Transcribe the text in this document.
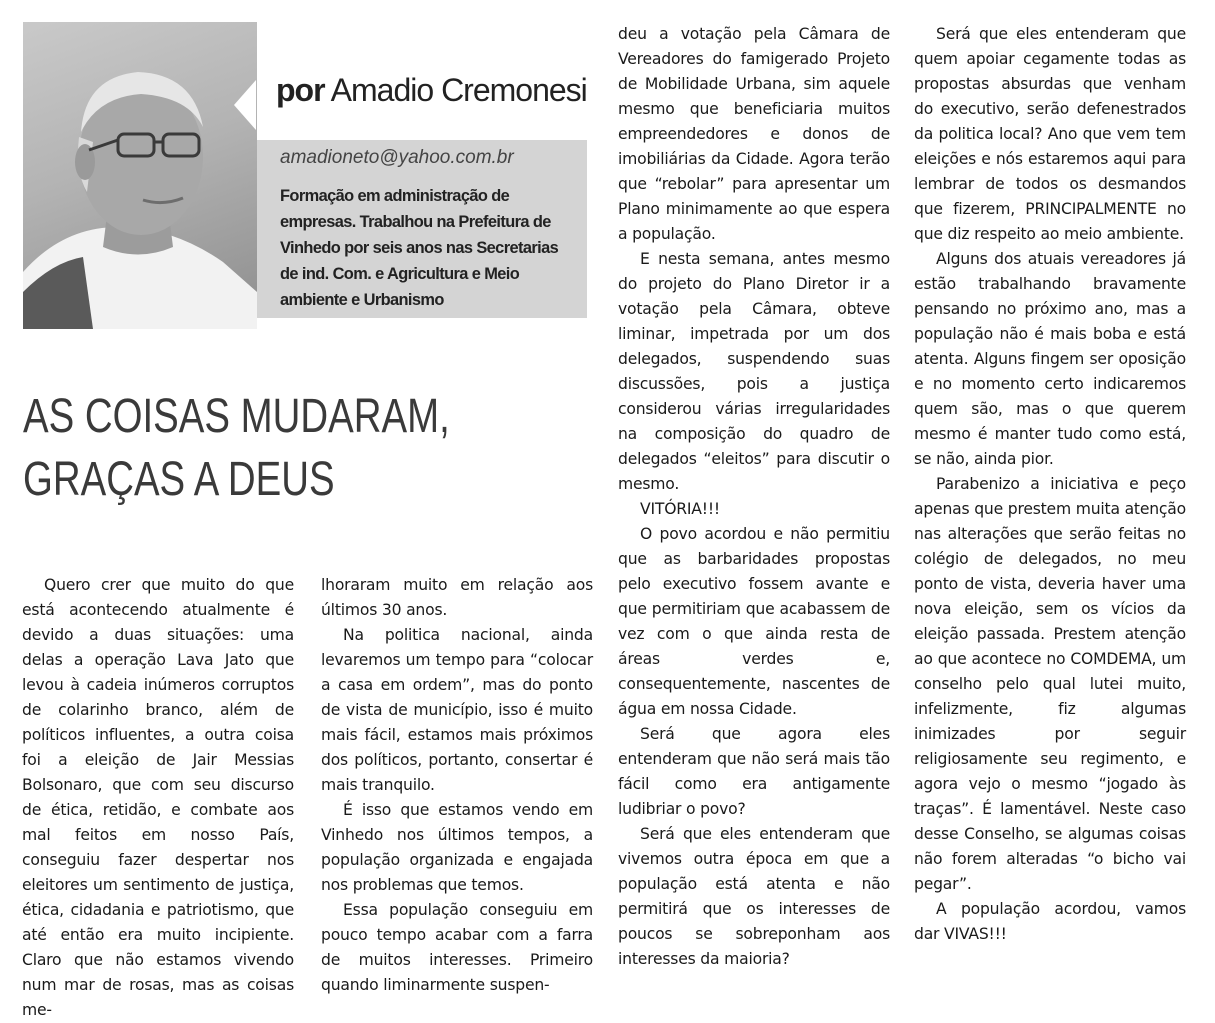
por Amadio Cremonesi
amadioneto@yahoo.com.br
Formação em administração de empresas. Trabalhou na Prefeitura de Vinhedo por seis anos nas Secretarias de ind. Com. e Agricultura e Meio ambiente e Urbanismo
AS COISAS MUDARAM,
GRAÇAS A DEUS

Quero crer que muito do que está acontecendo atualmente é devido a duas situações: uma delas a operação Lava Jato que levou à cadeia inúmeros corruptos de colarinho branco, além de políticos influentes, a outra coisa foi a eleição de Jair Messias Bolsonaro, que com seu discurso de ética, retidão, e combate aos mal feitos em nosso País, conseguiu fazer despertar nos eleitores um sentimento de justiça, ética, cidadania e patriotismo, que até então era muito incipiente. Claro que não estamos vivendo num mar de rosas, mas as coisas me-

lhoraram muito em relação aos últimos 30 anos.

Na politica nacional, ainda levaremos um tempo para “colocar a casa em ordem”, mas do ponto de vista de município, isso é muito mais fácil, estamos mais próximos dos políticos, portanto, consertar é mais tranquilo.

É isso que estamos vendo em Vinhedo nos últimos tempos, a população organizada e engajada nos problemas que temos.

Essa população conseguiu em pouco tempo acabar com a farra de muitos interesses. Primeiro quando liminarmente suspen-

deu a votação pela Câmara de Vereadores do famigerado Projeto de Mobilidade Urbana, sim aquele mesmo que beneficiaria muitos empreendedores e donos de imobiliárias da Cidade. Agora terão que “rebolar” para apresentar um Plano minimamente ao que espera a população.

E nesta semana, antes mesmo do projeto do Plano Diretor ir a votação pela Câmara, obteve liminar, impetrada por um dos delegados, suspendendo suas discussões, pois a justiça considerou várias irregularidades na composição do quadro de delegados “eleitos” para discutir o mesmo.

VITÓRIA!!!

O povo acordou e não permitiu que as barbaridades propostas pelo executivo fossem avante e que permitiriam que acabassem de vez com o que ainda resta de áreas verdes e, consequentemente, nascentes de água em nossa Cidade.

Será que agora eles entenderam que não será mais tão fácil como era antigamente ludibriar o povo?

Será que eles entenderam que vivemos outra época em que a população está atenta e não permitirá que os interesses de poucos se sobreponham aos interesses da maioria?

Será que eles entenderam que quem apoiar cegamente todas as propostas absurdas que venham do executivo, serão defenestrados da politica local? Ano que vem tem eleições e nós estaremos aqui para lembrar de todos os desmandos que fizerem, PRINCIPALMENTE no que diz respeito ao meio ambiente.

Alguns dos atuais vereadores já estão trabalhando bravamente pensando no próximo ano, mas a população não é mais boba e está atenta. Alguns fingem ser oposição e no momento certo indicaremos quem são, mas o que querem mesmo é manter tudo como está, se não, ainda pior.

Parabenizo a iniciativa e peço apenas que prestem muita atenção nas alterações que serão feitas no colégio de delegados, no meu ponto de vista, deveria haver uma nova eleição, sem os vícios da eleição passada. Prestem atenção ao que acontece no COMDEMA, um conselho pelo qual lutei muito, infelizmente, fiz algumas inimizades por seguir religiosamente seu regimento, e agora vejo o mesmo “jogado às traças”. É lamentável. Neste caso desse Conselho, se algumas coisas não forem alteradas “o bicho vai pegar”.

A população acordou, vamos dar VIVAS!!!
